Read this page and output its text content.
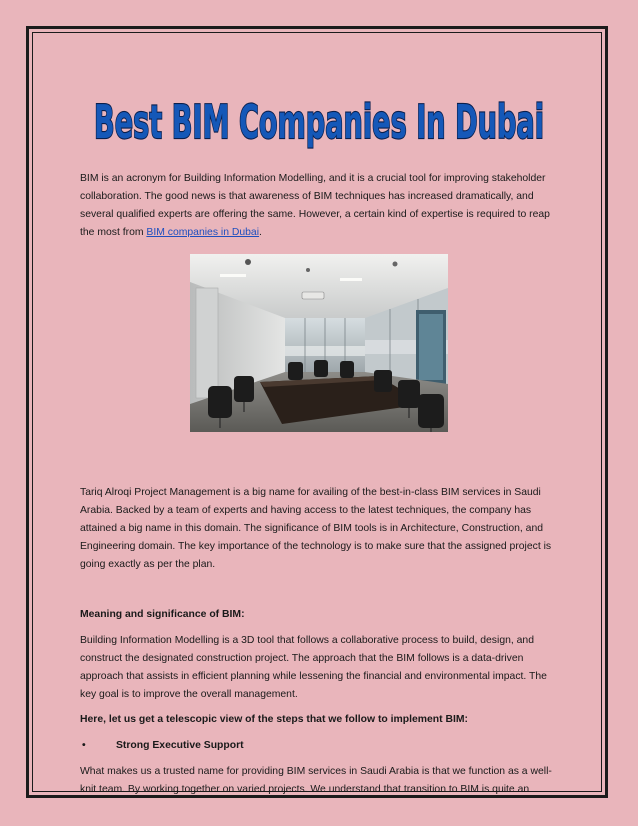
Best BIM Companies In Dubai

BIM is an acronym for Building Information Modelling, and it is a crucial tool for improving stakeholder collaboration. The good news is that awareness of BIM techniques has increased dramatically, and several qualified experts are offering the same. However, a certain kind of expertise is required to reap the most from BIM companies in Dubai.

Tariq Alroqi Project Management is a big name for availing of the best-in-class BIM services in Saudi Arabia. Backed by a team of experts and having access to the latest techniques, the company has attained a big name in this domain. The significance of BIM tools is in Architecture, Construction, and Engineering domain. The key importance of the technology is to make sure that the assigned project is going exactly as per the plan.

Meaning and significance of BIM:

Building Information Modelling is a 3D tool that follows a collaborative process to build, design, and construct the designated construction project. The approach that the BIM follows is a data-driven approach that assists in efficient planning while lessening the financial and environmental impact. The key goal is to improve the overall management.

Here, let us get a telescopic view of the steps that we follow to implement BIM:

•	Strong Executive Support

What makes us a trusted name for providing BIM services in Saudi Arabia is that we function as a well-knit team. By working together on varied projects. We understand that transition to BIM is quite an
